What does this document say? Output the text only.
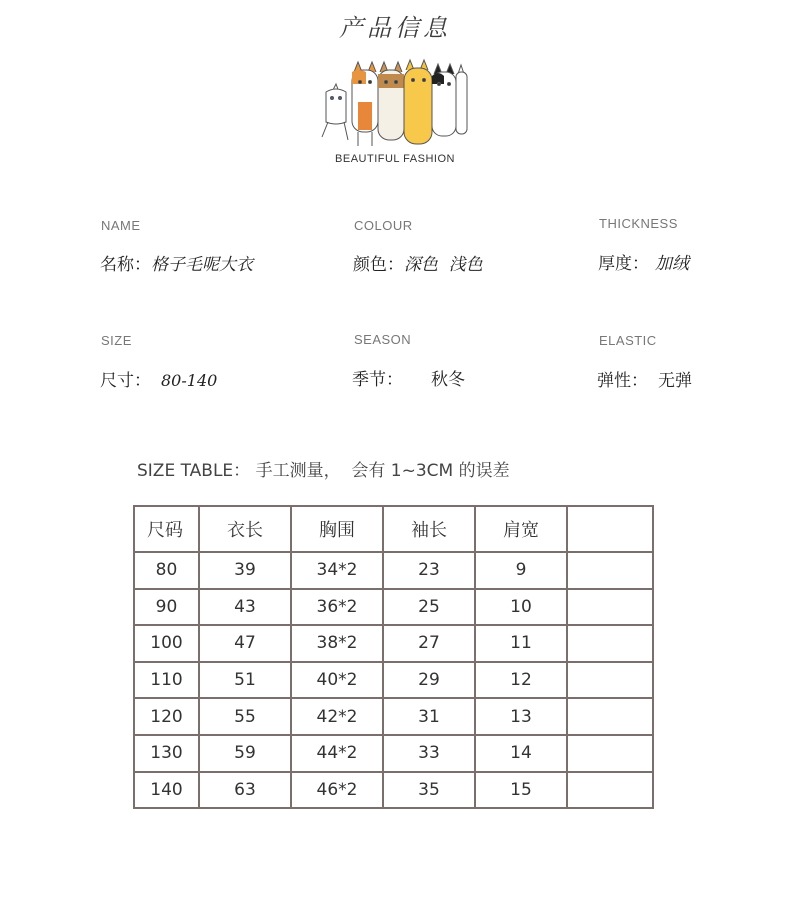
产品信息
BEAUTIFUL FASHION
NAME
名称：格子毛呢大衣
COLOUR
颜色：深色  浅色
THICKNESS
厚度： 加绒
SIZE
尺寸： 80-140
SEASON
季节： 秋冬
ELASTIC
弹性： 无弹
SIZE TABLE： 手工测量，  会有 1~3CM 的误差
尺码	衣长	胸围	袖长	肩宽	
80	39	34*2	23	9	
90	43	36*2	25	10	
100	47	38*2	27	11	
110	51	40*2	29	12	
120	55	42*2	31	13	
130	59	44*2	33	14	
140	63	46*2	35	15	
